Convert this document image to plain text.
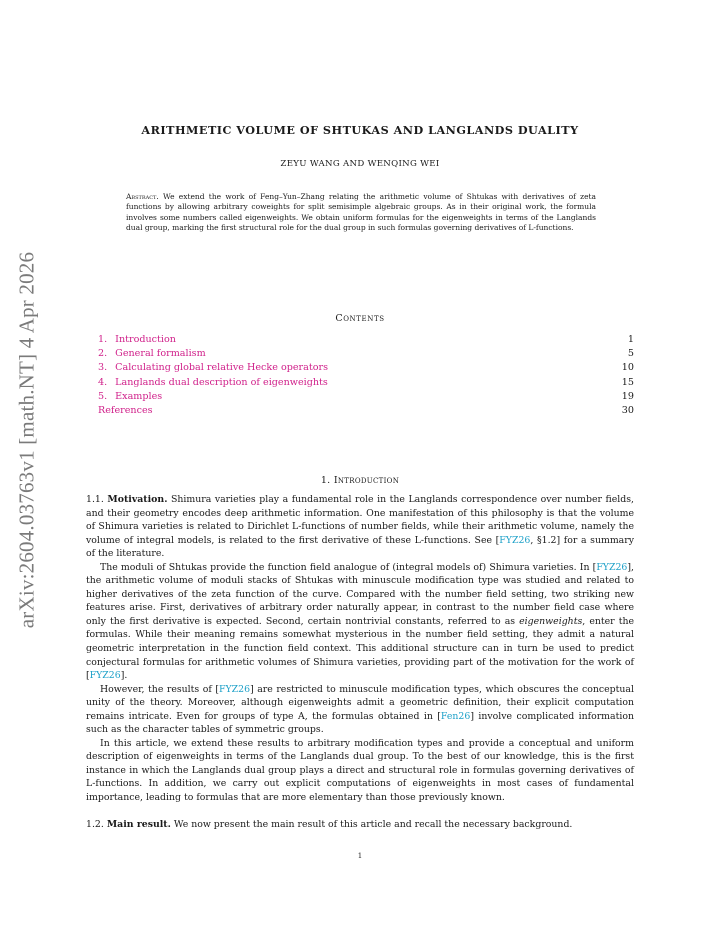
arXiv:2604.03763v1 [math.NT] 4 Apr 2026
ARITHMETIC VOLUME OF SHTUKAS AND LANGLANDS DUALITY
ZEYU WANG AND WENQING WEI
Abstract. We extend the work of Feng–Yun–Zhang relating the arithmetic volume of Shtukas with derivatives of zeta functions by allowing arbitrary coweights for split semisimple algebraic groups. As in their original work, the formula involves some numbers called eigenweights. We obtain uniform formulas for the eigenweights in terms of the Langlands dual group, marking the first structural role for the dual group in such formulas governing derivatives of L-functions.
Contents
1. Introduction	1
2. General formalism	5
3. Calculating global relative Hecke operators	10
4. Langlands dual description of eigenweights	15
5. Examples	19
References	30
1. Introduction

1.1. Motivation. Shimura varieties play a fundamental role in the Langlands correspondence over number fields, and their geometry encodes deep arithmetic information. One manifestation of this philosophy is that the volume of Shimura varieties is related to Dirichlet L-functions of number fields, while their arithmetic volume, namely the volume of integral models, is related to the first derivative of these L-functions. See [FYZ26, §1.2] for a summary of the literature.

The moduli of Shtukas provide the function field analogue of (integral models of) Shimura varieties. In [FYZ26], the arithmetic volume of moduli stacks of Shtukas with minuscule modification type was studied and related to higher derivatives of the zeta function of the curve. Compared with the number field setting, two striking new features arise. First, derivatives of arbitrary order naturally appear, in contrast to the number field case where only the first derivative is expected. Second, certain nontrivial constants, referred to as eigenweights, enter the formulas. While their meaning remains somewhat mysterious in the number field setting, they admit a natural geometric interpretation in the function field context. This additional structure can in turn be used to predict conjectural formulas for arithmetic volumes of Shimura varieties, providing part of the motivation for the work of [FYZ26].

However, the results of [FYZ26] are restricted to minuscule modification types, which obscures the conceptual unity of the theory. Moreover, although eigenweights admit a geometric definition, their explicit computation remains intricate. Even for groups of type A, the formulas obtained in [Fen26] involve complicated information such as the character tables of symmetric groups.

In this article, we extend these results to arbitrary modification types and provide a conceptual and uniform description of eigenweights in terms of the Langlands dual group. To the best of our knowledge, this is the first instance in which the Langlands dual group plays a direct and structural role in formulas governing derivatives of L-functions. In addition, we carry out explicit computations of eigenweights in most cases of fundamental importance, leading to formulas that are more elementary than those previously known.

1.2. Main result. We now present the main result of this article and recall the necessary background.

1
